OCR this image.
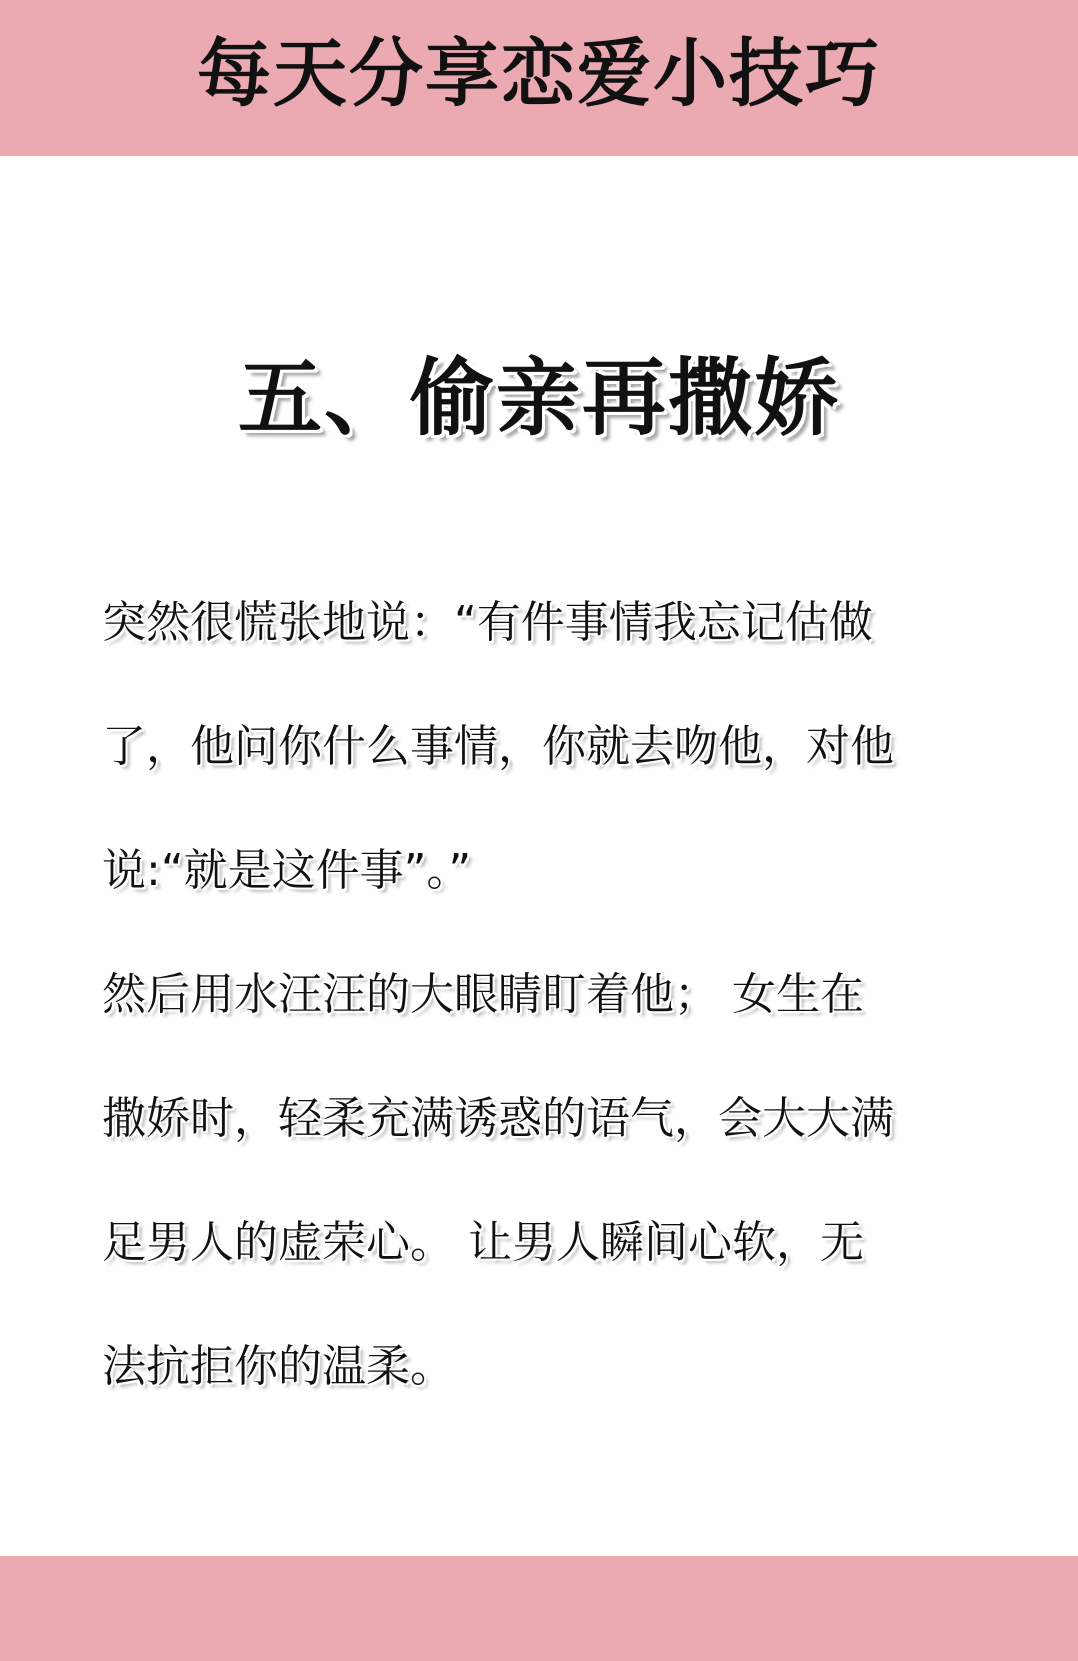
每天分享恋爱小技巧
五、偷亲再撒娇
突然很慌张地说：“有件事情我忘记估做
了，他问你什么事情，你就去吻他，对他
说:“就是这件事”。”
然后用水汪汪的大眼睛盯着他； 女生在
撒娇时，轻柔充满诱惑的语气，会大大满
足男人的虚荣心。 让男人瞬间心软，无
法抗拒你的温柔。
